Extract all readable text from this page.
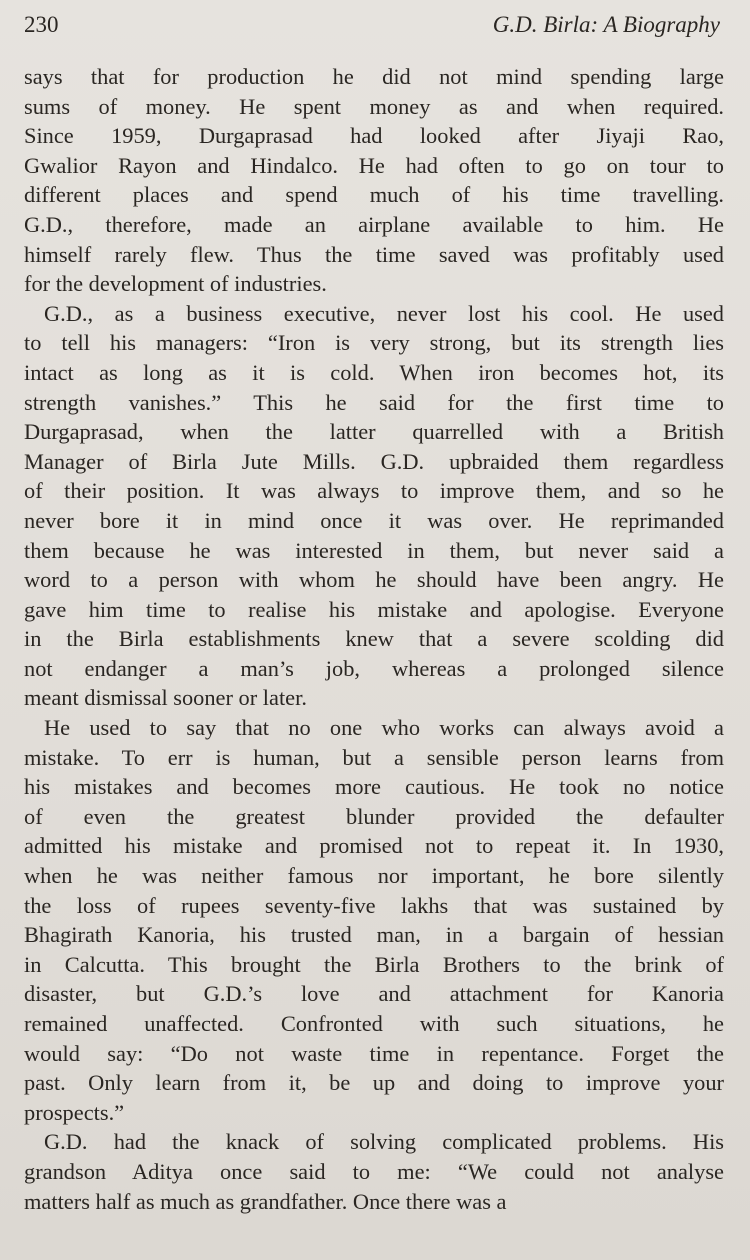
230	G.D. Birla: A Biography
says that for production he did not mind spending large
sums of money. He spent money as and when required.
Since 1959, Durgaprasad had looked after Jiyaji Rao,
Gwalior Rayon and Hindalco. He had often to go on tour to
different places and spend much of his time travelling.
G.D., therefore, made an airplane available to him. He
himself rarely flew. Thus the time saved was profitably used
for the development of industries.
G.D., as a business executive, never lost his cool. He used
to tell his managers: “Iron is very strong, but its strength lies
intact as long as it is cold. When iron becomes hot, its
strength vanishes.” This he said for the first time to
Durgaprasad, when the latter quarrelled with a British
Manager of Birla Jute Mills. G.D. upbraided them regardless
of their position. It was always to improve them, and so he
never bore it in mind once it was over. He reprimanded
them because he was interested in them, but never said a
word to a person with whom he should have been angry. He
gave him time to realise his mistake and apologise. Everyone
in the Birla establishments knew that a severe scolding did
not endanger a man’s job, whereas a prolonged silence
meant dismissal sooner or later.
He used to say that no one who works can always avoid a
mistake. To err is human, but a sensible person learns from
his mistakes and becomes more cautious. He took no notice
of even the greatest blunder provided the defaulter
admitted his mistake and promised not to repeat it. In 1930,
when he was neither famous nor important, he bore silently
the loss of rupees seventy-five lakhs that was sustained by
Bhagirath Kanoria, his trusted man, in a bargain of hessian
in Calcutta. This brought the Birla Brothers to the brink of
disaster, but G.D.’s love and attachment for Kanoria
remained unaffected. Confronted with such situations, he
would say: “Do not waste time in repentance. Forget the
past. Only learn from it, be up and doing to improve your
prospects.”
G.D. had the knack of solving complicated problems. His
grandson Aditya once said to me: “We could not analyse
matters half as much as grandfather. Once there was a
